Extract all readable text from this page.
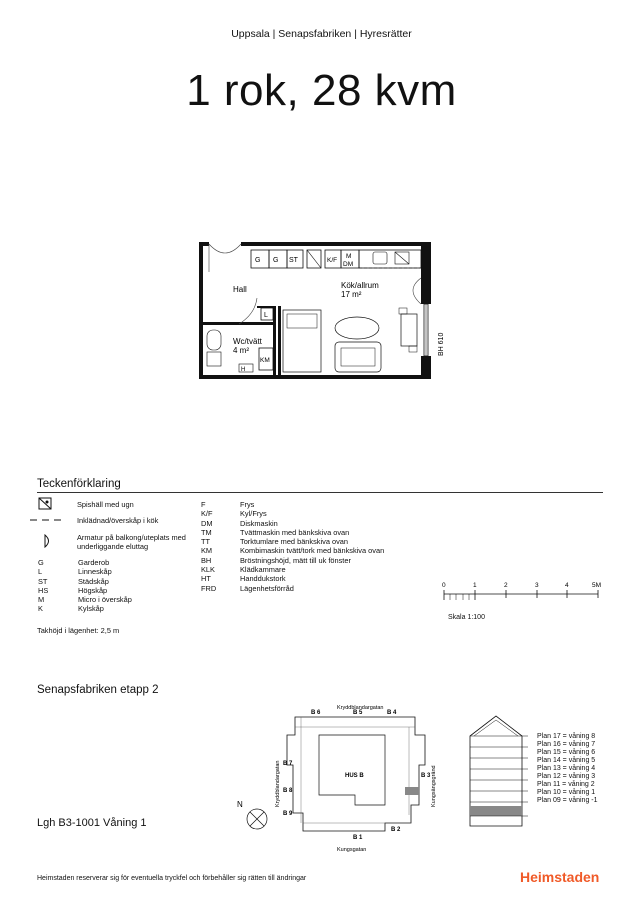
Uppsala | Senapsfabriken | Hyresrätter
1 rok, 28 kvm
G G ST	K/F
M
DM
Hall	Kök/allrum
17 m²
Wc/tvätt
4 m²
L
KM
H
BH 610
Teckenförklaring
Spishäll med ugn
Inklädnad/överskåp i kök
Armatur på balkong/uteplats med underliggande eluttag
G	Garderob
L	Linneskåp
ST	Städskåp
HS	Högskåp
M	Micro i överskåp
K	Kylskåp
F	Frys
K/F	Kyl/Frys
DM	Diskmaskin
TM	Tvättmaskin med bänkskiva ovan
TT	Torktumlare med bänkskiva ovan
KM	Kombimaskin tvätt/tork med bänkskiva ovan
BH	Bröstningshöjd, mätt till uk fönster
KLK	Klädkammare
HT	Handdukstork
FRD	Lägenhetsförråd
Takhöjd i lägenhet: 2,5 m
0	1	2	3	4	5M
Skala 1:100
Senapsfabriken etapp 2
Kryddblandargatan
Kungsgatan
Kryddblandargatan	Kungsängsgränd
HUS B
B 6	B 5	B 4
B 7
B 3
B 8
B 9
B 1
B 2
N
Plan 17 = våning 8
Plan 16 = våning 7
Plan 15 = våning 6
Plan 14 = våning 5
Plan 13 = våning 4
Plan 12 = våning 3
Plan 11 = våning 2
Plan 10 = våning 1
Plan 09 = våning -1
Lgh B3-1001 Våning 1
Heimstaden reserverar sig för eventuella tryckfel och förbehåller sig rätten till ändringar	Heimstaden
